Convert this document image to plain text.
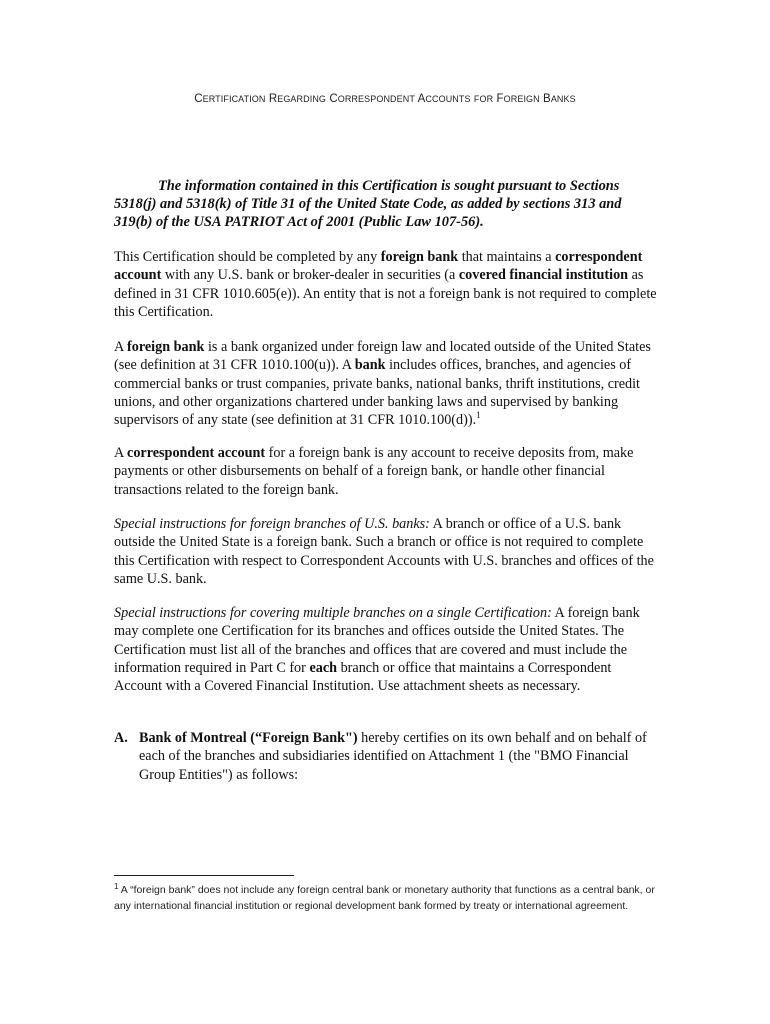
CERTIFICATION REGARDING CORRESPONDENT ACCOUNTS FOR FOREIGN BANKS
The information contained in this Certification is sought pursuant to Sections 5318(j) and 5318(k) of Title 31 of the United State Code, as added by sections 313 and 319(b) of the USA PATRIOT Act of 2001 (Public Law 107-56).
This Certification should be completed by any foreign bank that maintains a correspondent account with any U.S. bank or broker-dealer in securities (a covered financial institution as defined in 31 CFR 1010.605(e)). An entity that is not a foreign bank is not required to complete this Certification.
A foreign bank is a bank organized under foreign law and located outside of the United States (see definition at 31 CFR 1010.100(u)). A bank includes offices, branches, and agencies of commercial banks or trust companies, private banks, national banks, thrift institutions, credit unions, and other organizations chartered under banking laws and supervised by banking supervisors of any state (see definition at 31 CFR 1010.100(d)).$^1$
A correspondent account for a foreign bank is any account to receive deposits from, make payments or other disbursements on behalf of a foreign bank, or handle other financial transactions related to the foreign bank.
Special instructions for foreign branches of U.S. banks: A branch or office of a U.S. bank outside the United State is a foreign bank. Such a branch or office is not required to complete this Certification with respect to Correspondent Accounts with U.S. branches and offices of the same U.S. bank.
Special instructions for covering multiple branches on a single Certification: A foreign bank may complete one Certification for its branches and offices outside the United States. The Certification must list all of the branches and offices that are covered and must include the information required in Part C for each branch or office that maintains a Correspondent Account with a Covered Financial Institution. Use attachment sheets as necessary.
A. Bank of Montreal (“Foreign Bank") hereby certifies on its own behalf and on behalf of each of the branches and subsidiaries identified on Attachment 1 (the "BMO Financial Group Entities") as follows:
$^1$ A “foreign bank” does not include any foreign central bank or monetary authority that functions as a central bank, or any international financial institution or regional development bank formed by treaty or international agreement.
